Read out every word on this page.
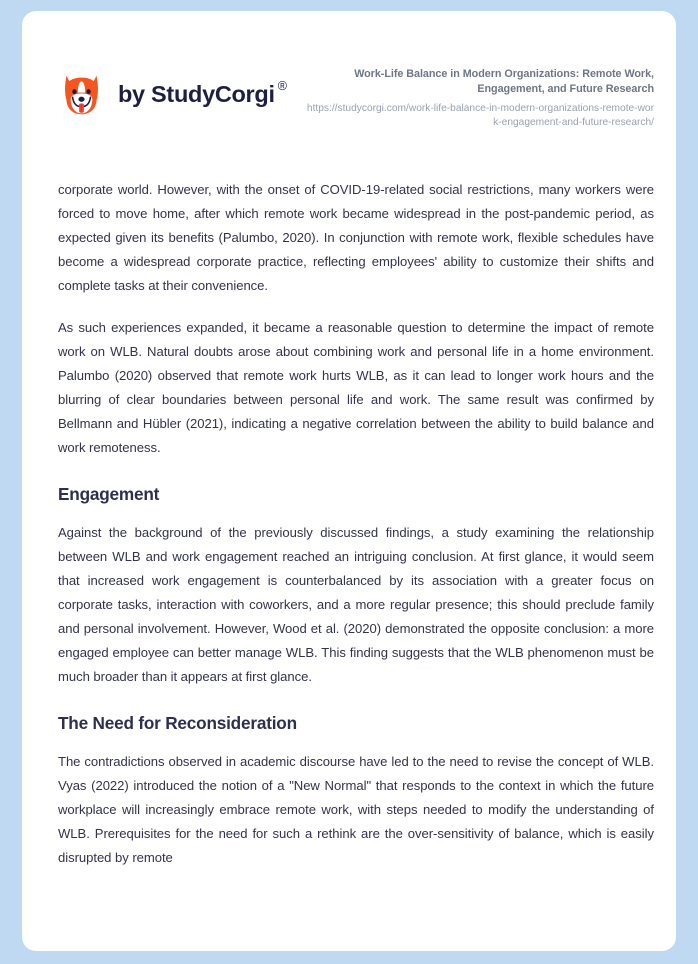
by StudyCorgi ®
Work-Life Balance in Modern Organizations: Remote Work, Engagement, and Future Research
https://studycorgi.com/work-life-balance-in-modern-organizations-remote-work-engagement-and-future-research/

corporate world. However, with the onset of COVID-19-related social restrictions, many workers were forced to move home, after which remote work became widespread in the post-pandemic period, as expected given its benefits (Palumbo, 2020). In conjunction with remote work, flexible schedules have become a widespread corporate practice, reflecting employees' ability to customize their shifts and complete tasks at their convenience.

As such experiences expanded, it became a reasonable question to determine the impact of remote work on WLB. Natural doubts arose about combining work and personal life in a home environment. Palumbo (2020) observed that remote work hurts WLB, as it can lead to longer work hours and the blurring of clear boundaries between personal life and work. The same result was confirmed by Bellmann and Hübler (2021), indicating a negative correlation between the ability to build balance and work remoteness.

Engagement

Against the background of the previously discussed findings, a study examining the relationship between WLB and work engagement reached an intriguing conclusion. At first glance, it would seem that increased work engagement is counterbalanced by its association with a greater focus on corporate tasks, interaction with coworkers, and a more regular presence; this should preclude family and personal involvement. However, Wood et al. (2020) demonstrated the opposite conclusion: a more engaged employee can better manage WLB. This finding suggests that the WLB phenomenon must be much broader than it appears at first glance.

The Need for Reconsideration

The contradictions observed in academic discourse have led to the need to revise the concept of WLB. Vyas (2022) introduced the notion of a "New Normal" that responds to the context in which the future workplace will increasingly embrace remote work, with steps needed to modify the understanding of WLB. Prerequisites for the need for such a rethink are the over-sensitivity of balance, which is easily disrupted by remote
